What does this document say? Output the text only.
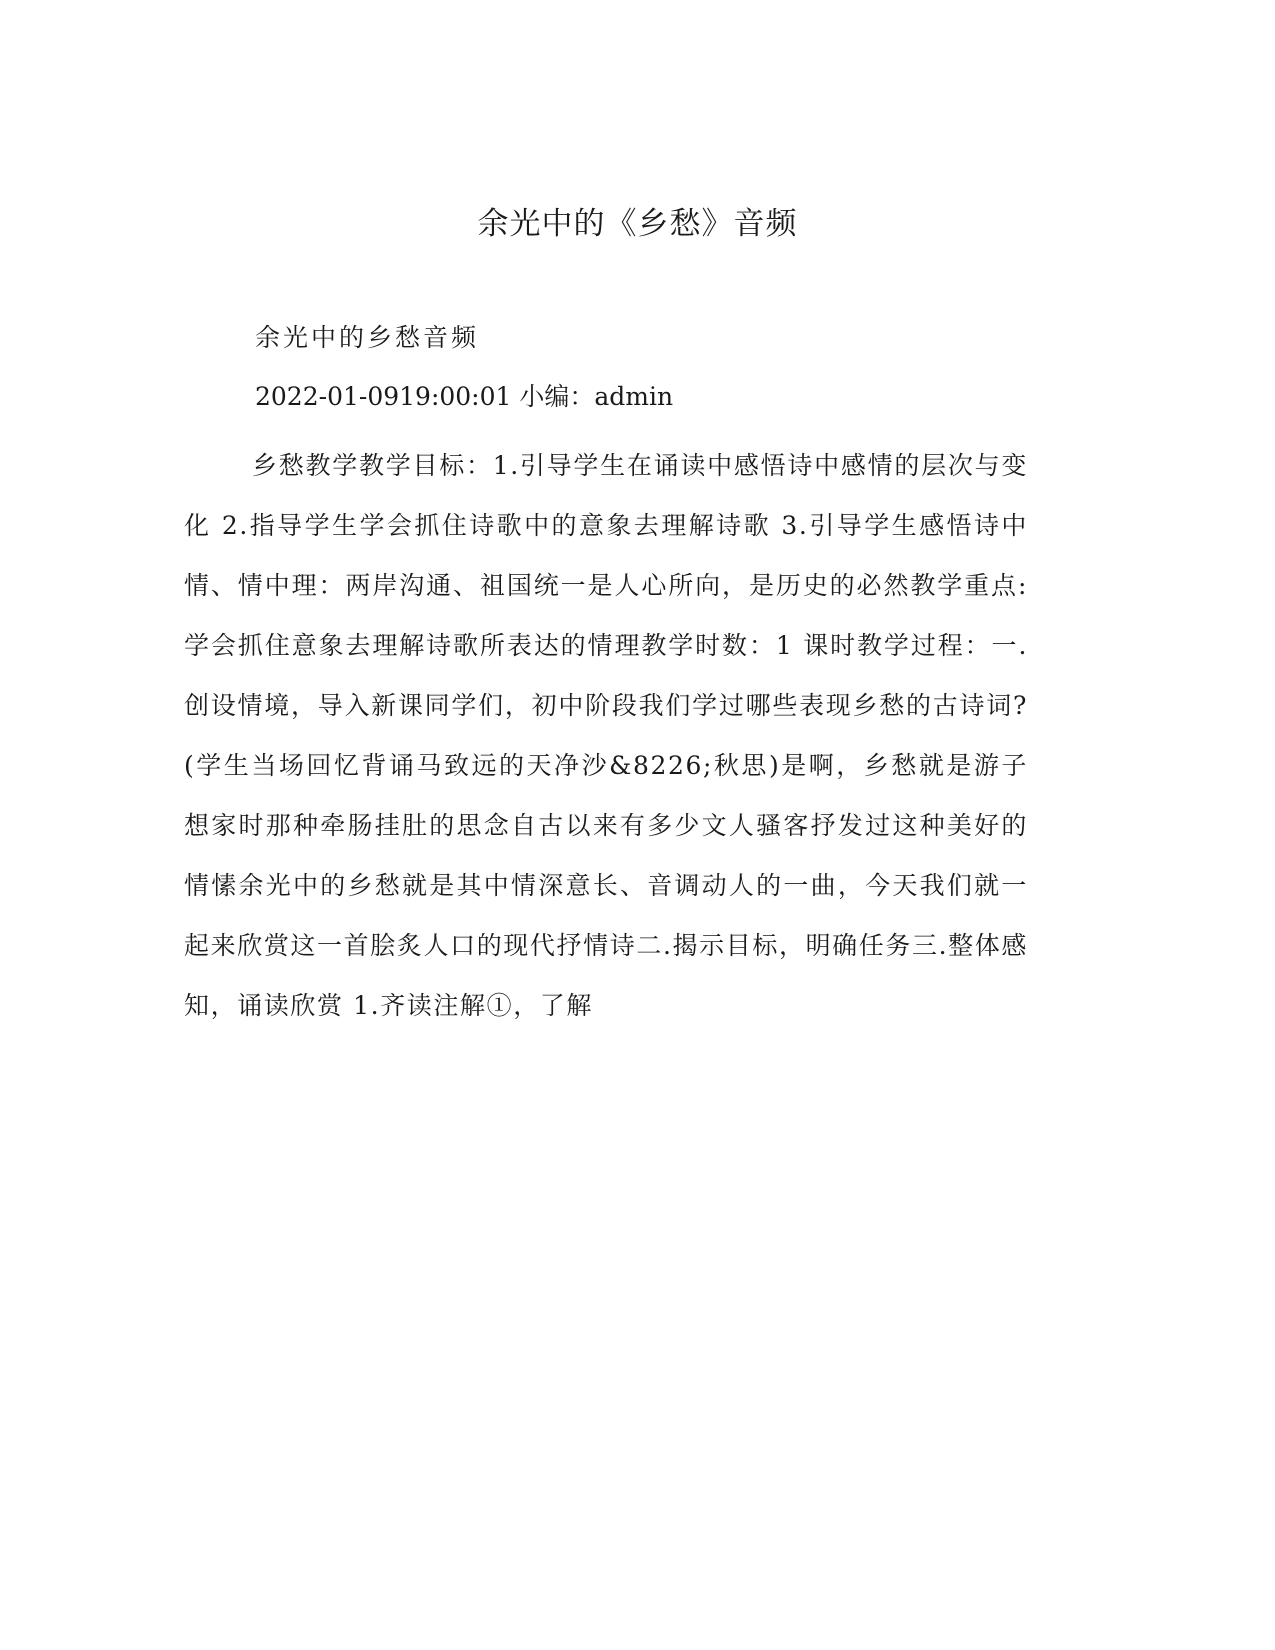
余光中的《乡愁》音频

余光中的乡愁音频

2022-01-0919:00:01 小编：admin

乡愁教学教学目标：1.引导学生在诵读中感悟诗中感情的层次与变化 2.指导学生学会抓住诗歌中的意象去理解诗歌 3.引导学生感悟诗中情、情中理：两岸沟通、祖国统一是人心所向，是历史的必然教学重点:学会抓住意象去理解诗歌所表达的情理教学时数：1 课时教学过程：一.创设情境，导入新课同学们，初中阶段我们学过哪些表现乡愁的古诗词?(学生当场回忆背诵马致远的天净沙&8226;秋思)是啊，乡愁就是游子想家时那种牵肠挂肚的思念自古以来有多少文人骚客抒发过这种美好的情愫余光中的乡愁就是其中情深意长、音调动人的一曲，今天我们就一起来欣赏这一首脍炙人口的现代抒情诗二.揭示目标，明确任务三.整体感知，诵读欣赏 1.齐读注解①，了解
